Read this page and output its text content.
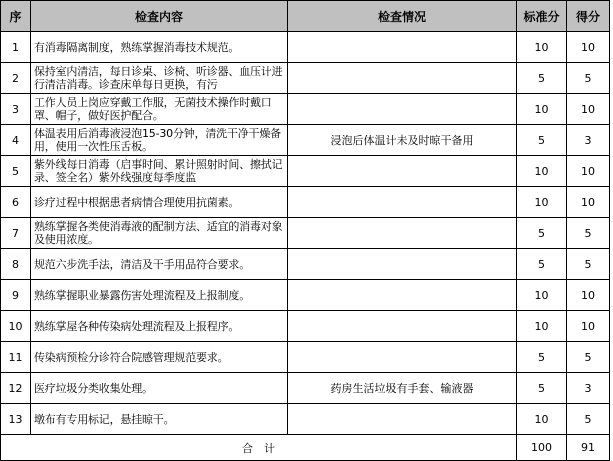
序	检查内容	检查情况	标准分	得分

1	有消毒隔离制度，熟练掌握消毒技术规范。		10	10

2	保持室内清洁，每日诊桌、诊椅、听诊器、血压计进行清洁消毒。诊查床单每日更换，有污		5	5

3	工作人员上岗应穿戴工作服，无菌技术操作时戴口罩、帽子，做好医护配合。		10	10

4	体温表用后消毒液浸泡15-30分钟，清洗干净干燥备用，使用一次性压舌板。	浸泡后体温计未及时晾干备用	5	3

5	紫外线每日消毒（启事时间、累计照射时间、擦拭记录、签全名）紫外线强度每季度监		10	10

6	诊疗过程中根据患者病情合理使用抗菌素。		10	10

7	熟练掌握各类使消毒液的配制方法、适宜的消毒对象及使用浓度。		5	5

8	规范六步洗手法，清洁及干手用品符合要求。		5	5

9	熟练掌握职业暴露伤害处理流程及上报制度。		10	10

10	熟练掌屋各种传染病处理流程及上报程序。		10	10

11	传染病预检分诊符合院感管理规范要求。		5	5

12	医疗垃圾分类收集处理。	药房生活垃圾有手套、输液器	5	3

13	墩布有专用标记，悬挂晾干。		10	5

合　计			100	91
